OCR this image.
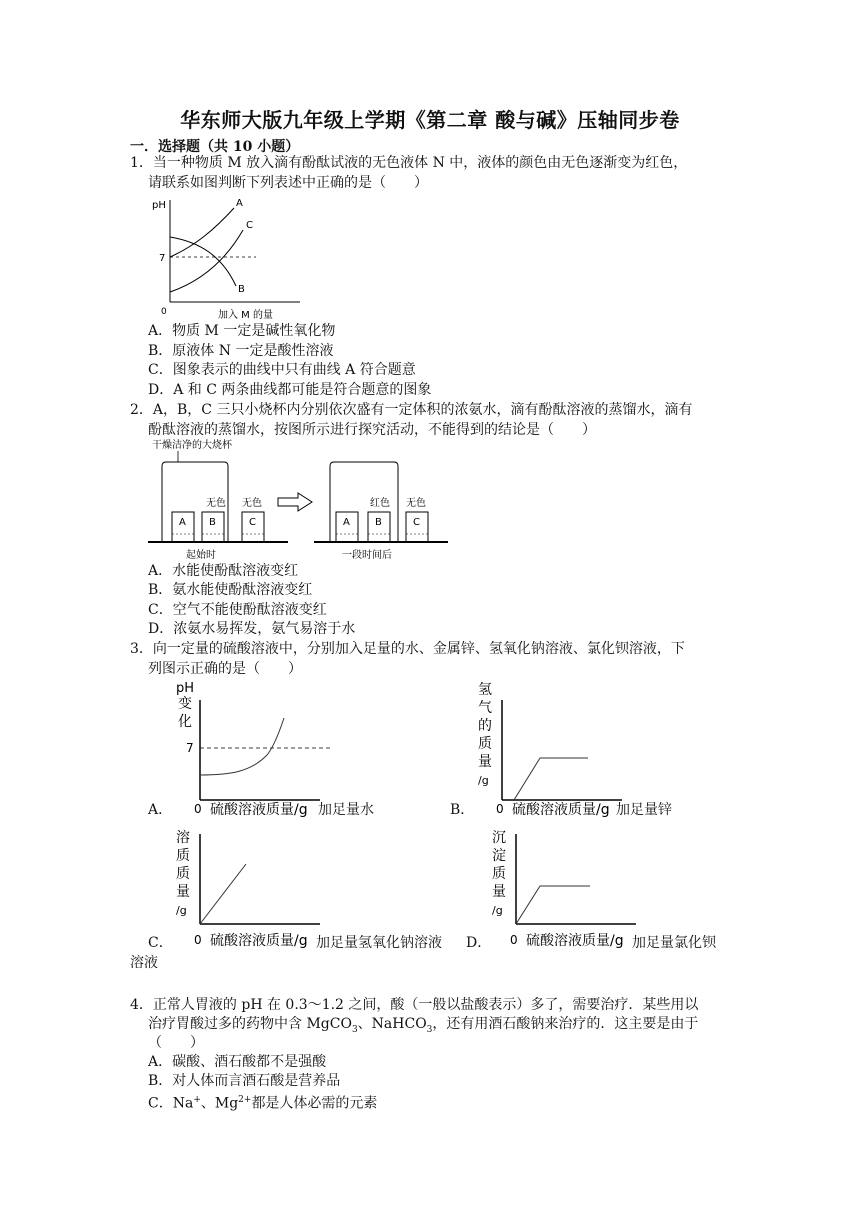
华东师大版九年级上学期《第二章 酸与碱》压轴同步卷
一．选择题（共 10 小题）
1．当一种物质 M 放入滴有酚酞试液的无色液体 N 中，液体的颜色由无色逐渐变为红色，
请联系如图判断下列表述中正确的是（　　）
pH
7
0
A
C
B
加入 M 的量
A．物质 M 一定是碱性氧化物
B．原液体 N 一定是酸性溶液
C．图象表示的曲线中只有曲线 A 符合题意
D．A 和 C 两条曲线都可能是符合题意的图象
2．A，B，C 三只小烧杯内分别依次盛有一定体积的浓氨水，滴有酚酞溶液的蒸馏水，滴有
酚酞溶液的蒸馏水，按图所示进行探究活动，不能得到的结论是（　　）
干燥洁净的大烧杯
A B	C
无色 无色
起始时
A	B	C
红色 无色
一段时间后
A．水能使酚酞溶液变红
B．氨水能使酚酞溶液变红
C．空气不能使酚酞溶液变红
D．浓氨水易挥发，氨气易溶于水
3．向一定量的硫酸溶液中，分别加入足量的水、金属锌、氢氧化钠溶液、氯化钡溶液，下
列图示正确的是（　　）
pH
变
化
7
0 硫酸溶液质量/g
A．	加足量水
氢
气
的
质
量
/g
0 硫酸溶液质量/g
B．	加足量锌
溶
质
质
量
/g
0 硫酸溶液质量/g
C．	加足量氢氧化钠溶液
沉
淀
质
量
/g
0 硫酸溶液质量/g
D．	加足量氯化钡
溶液
4．正常人胃液的 pH 在 0.3～1.2 之间，酸（一般以盐酸表示）多了，需要治疗．某些用以
治疗胃酸过多的药物中含 MgCO$_3$、NaHCO$_3$，还有用酒石酸钠来治疗的．这主要是由于
（　　）
A．碳酸、酒石酸都不是强酸
B．对人体而言酒石酸是营养品
C．Na+、$Mg^{2+}$都是人体必需的元素
